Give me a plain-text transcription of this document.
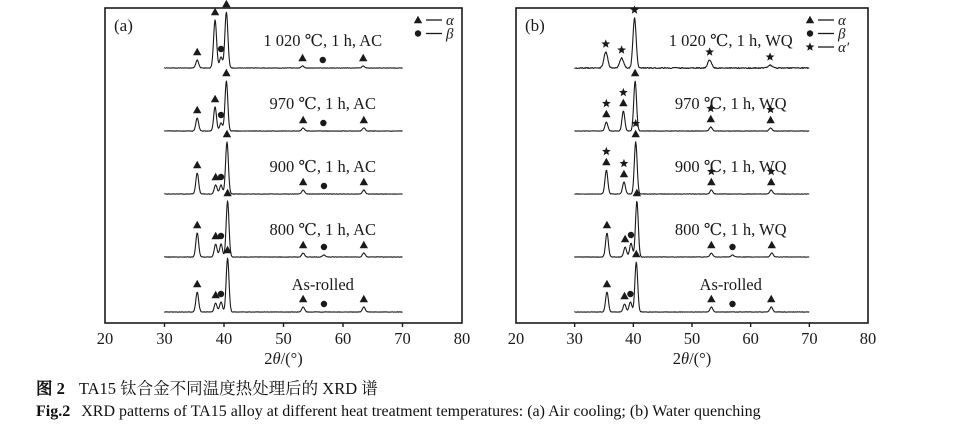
(a)
20	30	40	50	60	70	80
2θ/(°)
α
β
1 020 ℃, 1 h, AC
970 ℃, 1 h, AC
900 ℃, 1 h, AC
800 ℃, 1 h, AC
As-rolled
(b)
20	30	40	50	60	70	80
2θ/(°)
α
β
α′
1 020 ℃, 1 h, WQ
970 ℃, 1 h, WQ
900 ℃, 1 h, WQ
800 ℃, 1 h, WQ
As-rolled
图 2 TA15 钛合金不同温度热处理后的 XRD 谱
Fig.2 XRD patterns of TA15 alloy at different heat treatment temperatures: (a) Air cooling; (b) Water quenching
